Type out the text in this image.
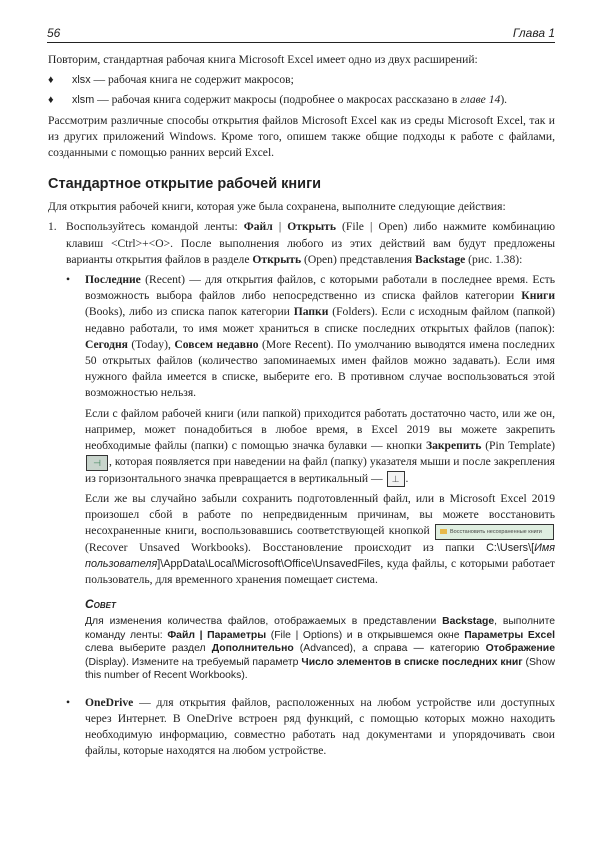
56	Глава 1

Повторим, стандартная рабочая книга Microsoft Excel имеет одно из двух расширений:

♦	xlsx — рабочая книга не содержит макросов;
♦	xlsm — рабочая книга содержит макросы (подробнее о макросах рассказано в главе 14).

Рассмотрим различные способы открытия файлов Microsoft Excel как из среды Microsoft Excel, так и из других приложений Windows. Кроме того, опишем также общие подходы к работе с файлами, созданными с помощью ранних версий Excel.

Стандартное открытие рабочей книги

Для открытия рабочей книги, которая уже была сохранена, выполните следующие действия:

1. Воспользуйтесь командой ленты: Файл | Открыть (File | Open) либо нажмите комбинацию клавиш <Ctrl>+<O>. После выполнения любого из этих действий вам будут предложены варианты открытия файлов в разделе Открыть (Open) представления Backstage (рис. 1.38):

•	Последние (Recent) — для открытия файлов, с которыми работали в последнее время. Есть возможность выбора файлов либо непосредственно из списка файлов категории Книги (Books), либо из списка папок категории Папки (Folders). Если с исходным файлом (папкой) недавно работали, то имя может храниться в списке последних открытых файлов (папок): Сегодня (Today), Совсем недавно (More Recent). По умолчанию выводятся имена последних 50 открытых файлов (количество запоминаемых имен файлов можно задавать). Если имя нужного файла имеется в списке, выберите его. В противном случае воспользоваться этой возможностью нельзя.

Если с файлом рабочей книги (или папкой) приходится работать достаточно часто, или же он, например, может понадобиться в любое время, в Excel 2019 вы можете закрепить необходимые файлы (папки) с помощью значка булавки — кнопки Закрепить (Pin Template) ⊣ , которая появляется при наведении на файл (папку) указателя мыши и после закрепления из горизонтального значка превращается в вертикальный — ⊥ .

Если же вы случайно забыли сохранить подготовленный файл, или в Microsoft Excel 2019 произошел сбой в работе по непредвиденным причинам, вы можете восстановить несохраненные книги, воспользовавшись соответствующей кнопкой	Восстановить несохраненные книги (Recover Unsaved Workbooks). Восстановление происходит из папки C:\Users\[Имя пользователя]\AppData\Local\Microsoft\Office\UnsavedFiles, куда файлы, с которыми работает пользователь, для временного хранения помещает система.

Совет

Для изменения количества файлов, отображаемых в представлении Backstage, выполните команду ленты: Файл | Параметры (File | Options) и в открывшемся окне Параметры Excel слева выберите раздел Дополнительно (Advanced), а справа — категорию Отображение (Display). Измените на требуемый параметр Число элементов в списке последних книг (Show this number of Recent Workbooks).

•	OneDrive — для открытия файлов, расположенных на любом устройстве или доступных через Интернет. В OneDrive встроен ряд функций, с помощью которых можно находить необходимую информацию, совместно работать над документами и упорядочивать свои файлы, которые находятся на любом устройстве.
